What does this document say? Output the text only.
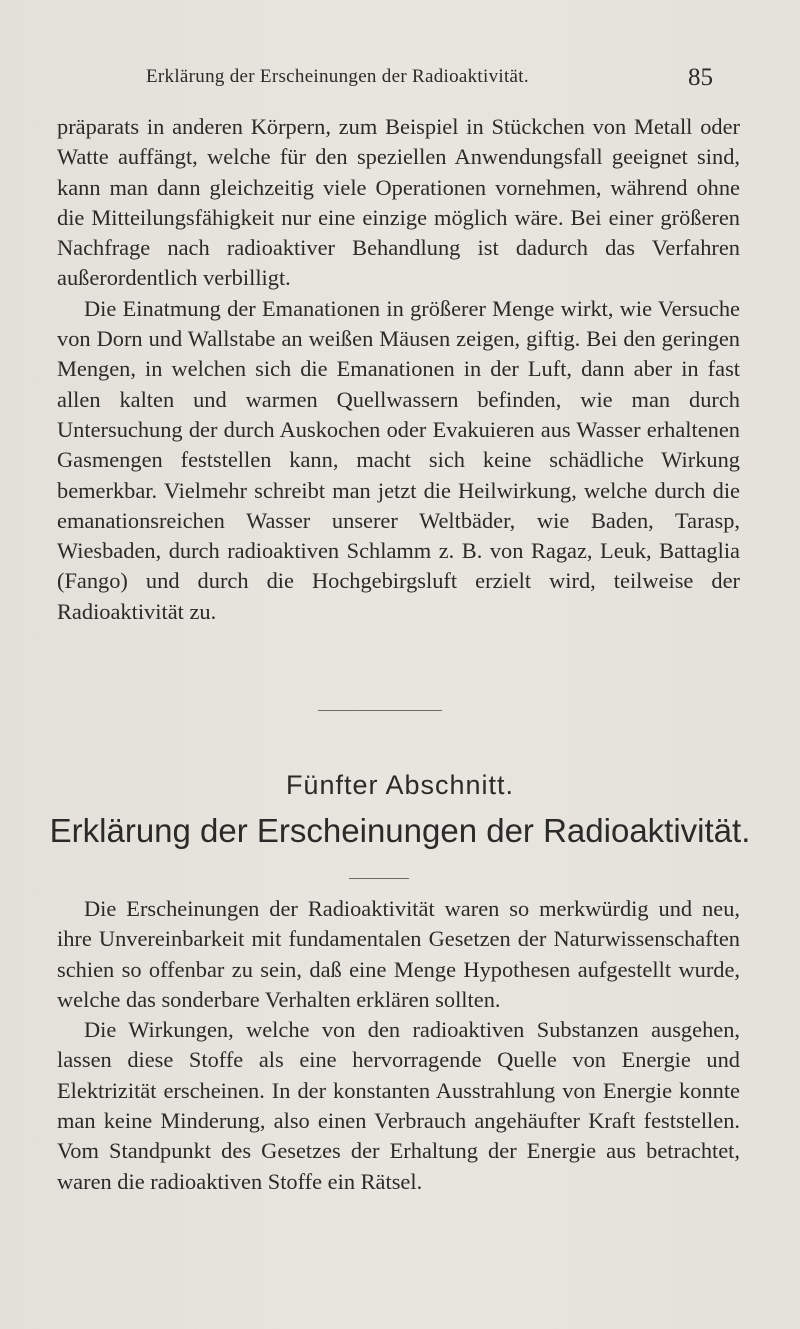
Erklärung der Erscheinungen der Radioaktivität.	85

präparats in anderen Körpern, zum Beispiel in Stückchen von Metall oder Watte auffängt, welche für den speziellen Anwendungsfall geeignet sind, kann man dann gleichzeitig viele Operationen vornehmen, während ohne die Mitteilungsfähigkeit nur eine einzige möglich wäre. Bei einer größeren Nachfrage nach radioaktiver Behandlung ist dadurch das Verfahren außerordentlich verbilligt.

Die Einatmung der Emanationen in größerer Menge wirkt, wie Versuche von Dorn und Wallstabe an weißen Mäusen zeigen, giftig. Bei den geringen Mengen, in welchen sich die Emanationen in der Luft, dann aber in fast allen kalten und warmen Quellwassern befinden, wie man durch Untersuchung der durch Auskochen oder Evakuieren aus Wasser erhaltenen Gasmengen feststellen kann, macht sich keine schädliche Wirkung bemerkbar. Vielmehr schreibt man jetzt die Heilwirkung, welche durch die emanationsreichen Wasser unserer Weltbäder, wie Baden, Tarasp, Wiesbaden, durch radioaktiven Schlamm z. B. von Ragaz, Leuk, Battaglia (Fango) und durch die Hochgebirgsluft erzielt wird, teilweise der Radioaktivität zu.

Fünfter Abschnitt.
Erklärung der Erscheinungen der Radioaktivität.

Die Erscheinungen der Radioaktivität waren so merkwürdig und neu, ihre Unvereinbarkeit mit fundamentalen Gesetzen der Naturwissenschaften schien so offenbar zu sein, daß eine Menge Hypothesen aufgestellt wurde, welche das sonderbare Verhalten erklären sollten.

Die Wirkungen, welche von den radioaktiven Substanzen ausgehen, lassen diese Stoffe als eine hervorragende Quelle von Energie und Elektrizität erscheinen. In der konstanten Ausstrahlung von Energie konnte man keine Minderung, also einen Verbrauch angehäufter Kraft feststellen. Vom Standpunkt des Gesetzes der Erhaltung der Energie aus betrachtet, waren die radioaktiven Stoffe ein Rätsel.
